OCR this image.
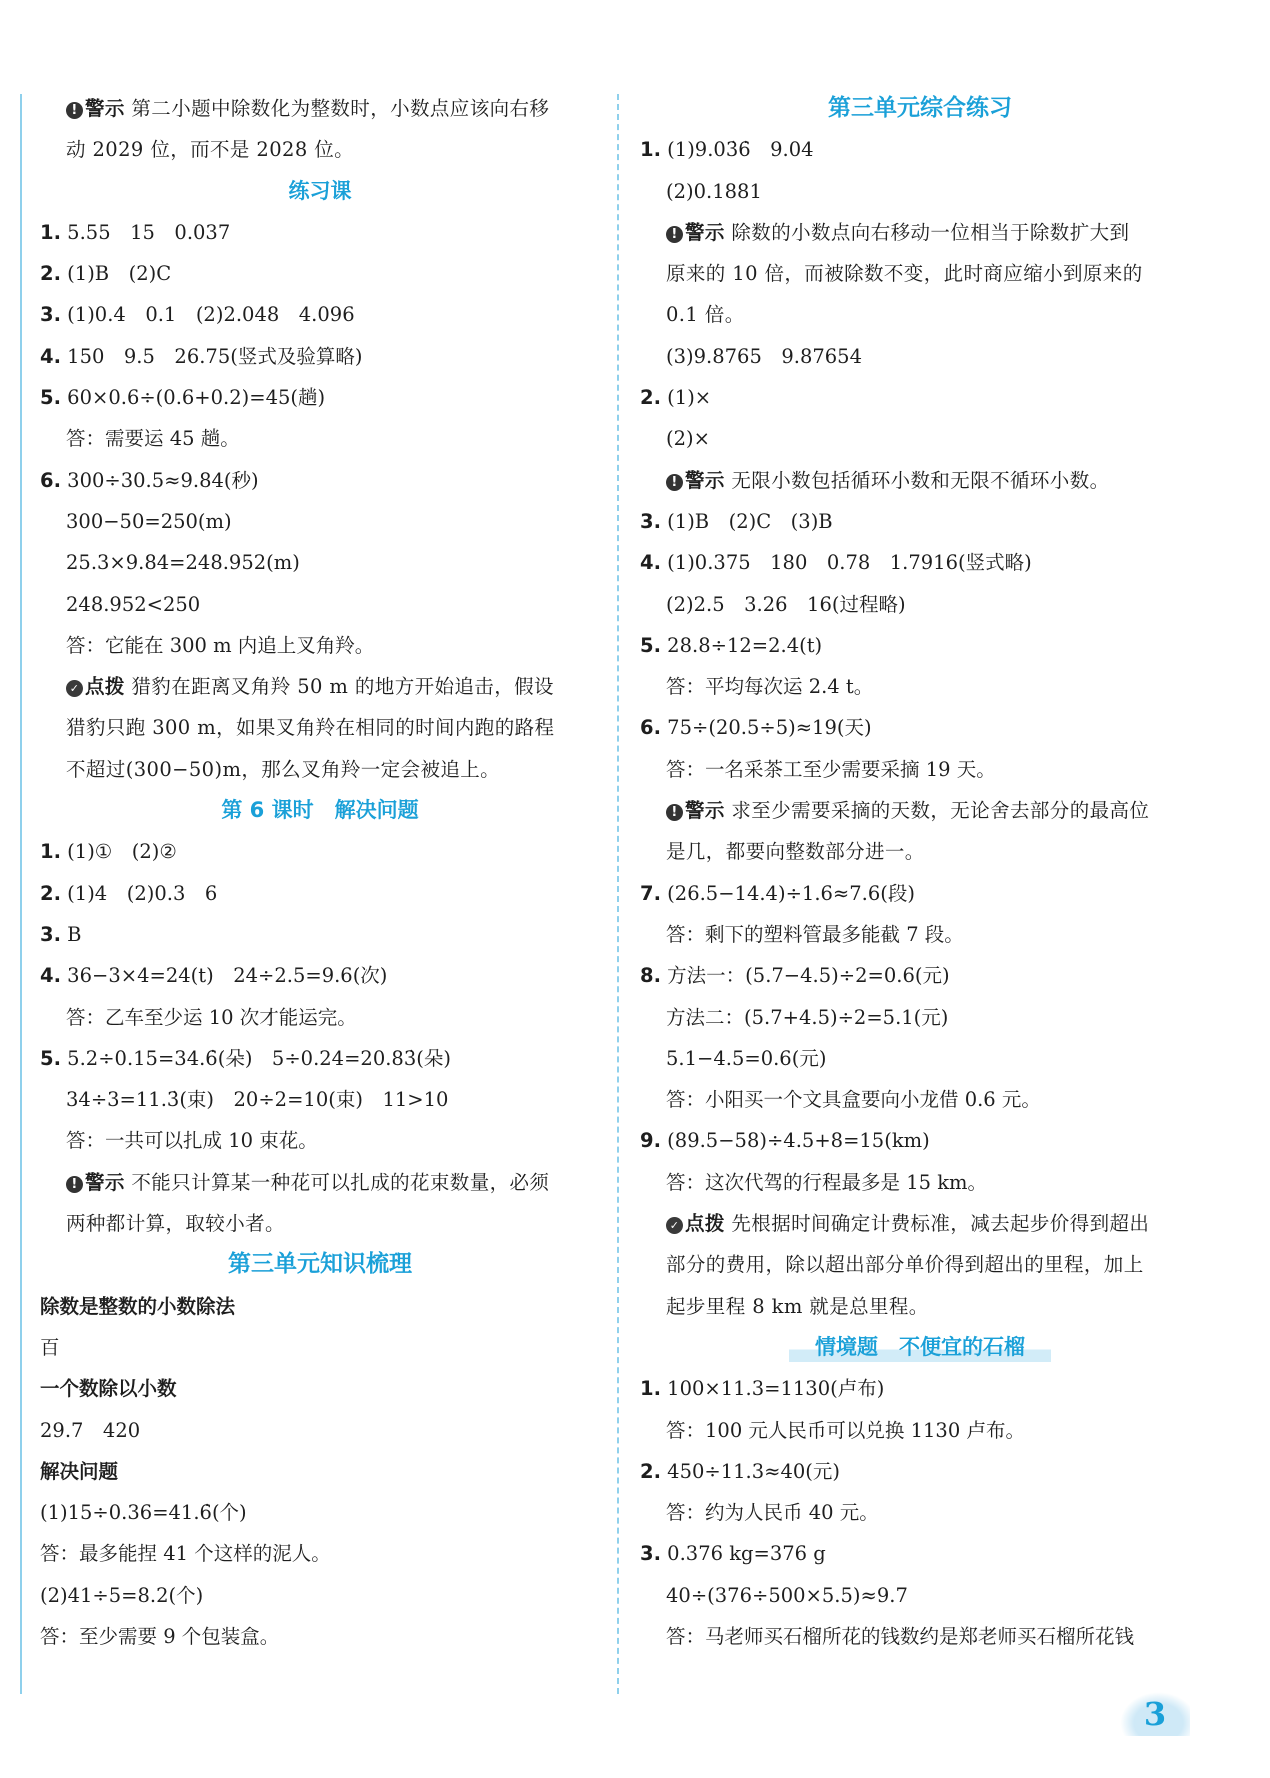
! 警示 第二小题中除数化为整数时，小数点应该向右移
动 2029 位，而不是 2028 位。
练习课
1. 5.55　15　0.037
2. (1)B　(2)C
3. (1)0.4　0.1　(2)2.048　4.096
4. 150　9.5　26.75(竖式及验算略)
5. 60×0.6÷(0.6+0.2)=45(趟)
答：需要运 45 趟。
6. 300÷30.5≈9.84(秒)
300−50=250(m)
25.3×9.84=248.952(m)
248.952<250
答：它能在 300 m 内追上叉角羚。
✓ 点拨 猎豹在距离叉角羚 50 m 的地方开始追击，假设
猎豹只跑 300 m，如果叉角羚在相同的时间内跑的路程
不超过(300−50)m，那么叉角羚一定会被追上。
第 6 课时　解决问题
1. (1)①　(2)②
2. (1)4　(2)0.3　6
3. B
4. 36−3×4=24(t)　24÷2.5=9.6(次)
答：乙车至少运 10 次才能运完。
5. 5.2÷0.15=34.6̇(朵)　5÷0.24=20.83̇(朵)
34÷3=11.3̇(束)　20÷2=10(束)　11>10
答：一共可以扎成 10 束花。
! 警示 不能只计算某一种花可以扎成的花束数量，必须
两种都计算，取较小者。
第三单元知识梳理
除数是整数的小数除法
百
一个数除以小数
29.7　420
解决问题
(1)15÷0.36=41.6̇(个)
答：最多能捏 41 个这样的泥人。
(2)41÷5=8.2(个)
答：至少需要 9 个包装盒。
第三单元综合练习
1. (1)9.03̇6̇　9.04
(2)0.1881
! 警示 除数的小数点向右移动一位相当于除数扩大到
原来的 10 倍，而被除数不变，此时商应缩小到原来的
0.1 倍。
(3)9.8765　9.87654
2. (1)×
(2)×
! 警示 无限小数包括循环小数和无限不循环小数。
3. (1)B　(2)C　(3)B
4. (1)0.375　180　0.78　1.7916(竖式略)
(2)2.5　3.26　16(过程略)
5. 28.8÷12=2.4(t)
答：平均每次运 2.4 t。
6. 75÷(20.5÷5)≈19(天)
答：一名采茶工至少需要采摘 19 天。
! 警示 求至少需要采摘的天数，无论舍去部分的最高位
是几，都要向整数部分进一。
7. (26.5−14.4)÷1.6≈7.6(段)
答：剩下的塑料管最多能截 7 段。
8. 方法一：(5.7−4.5)÷2=0.6(元)
方法二：(5.7+4.5)÷2=5.1(元)
5.1−4.5=0.6(元)
答：小阳买一个文具盒要向小龙借 0.6 元。
9. (89.5−58)÷4.5+8=15(km)
答：这次代驾的行程最多是 15 km。
✓ 点拨 先根据时间确定计费标准，减去起步价得到超出
部分的费用，除以超出部分单价得到超出的里程，加上
起步里程 8 km 就是总里程。
情境题　不便宜的石榴
1. 100×11.3=1130(卢布)
答：100 元人民币可以兑换 1130 卢布。
2. 450÷11.3≈40(元)
答：约为人民币 40 元。
3. 0.376 kg=376 g
40÷(376÷500×5.5)≈9.7
答：马老师买石榴所花的钱数约是郑老师买石榴所花钱
3
